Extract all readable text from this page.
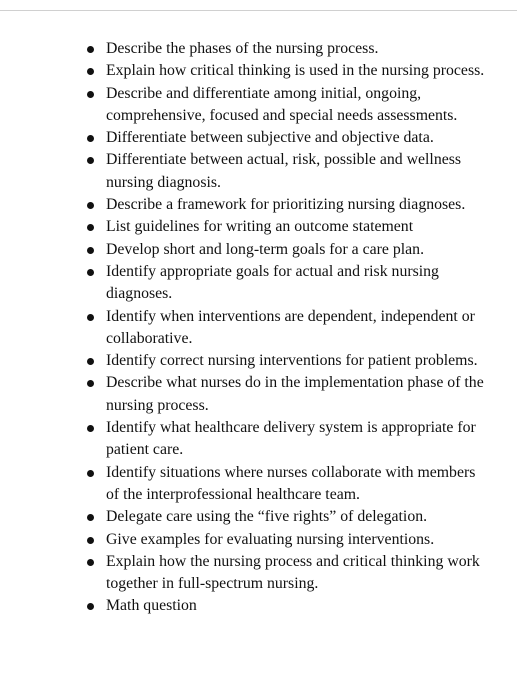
Describe the phases of the nursing process.
Explain how critical thinking is used in the nursing process.
Describe and differentiate among initial, ongoing, comprehensive, focused and special needs assessments.
Differentiate between subjective and objective data.
Differentiate between actual, risk, possible and wellness nursing diagnosis.
Describe a framework for prioritizing nursing diagnoses.
List guidelines for writing an outcome statement
Develop short and long-term goals for a care plan.
Identify appropriate goals for actual and risk nursing diagnoses.
Identify when interventions are dependent, independent or collaborative.
Identify correct nursing interventions for patient problems.
Describe what nurses do in the implementation phase of the nursing process.
Identify what healthcare delivery system is appropriate for patient care.
Identify situations where nurses collaborate with members of the interprofessional healthcare team.
Delegate care using the “five rights” of delegation.
Give examples for evaluating nursing interventions.
Explain how the nursing process and critical thinking work together in full-spectrum nursing.
Math question
